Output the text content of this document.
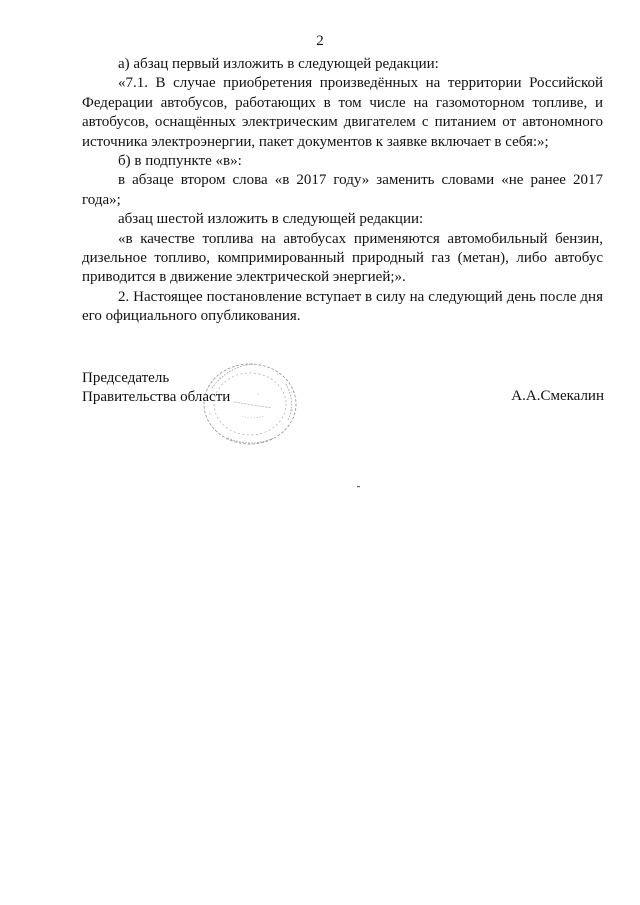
2

а) абзац первый изложить в следующей редакции:

«7.1. В случае приобретения произведённых на территории Российской Федерации автобусов, работающих в том числе на газомоторном топливе, и автобусов, оснащённых электрическим двигателем с питанием от автономного источника электроэнергии, пакет документов к заявке включает в себя:»;

б) в подпункте «в»:

в абзаце втором слова «в 2017 году» заменить словами «не ранее 2017 года»;

абзац шестой изложить в следующей редакции:

«в качестве топлива на автобусах применяются автомобильный бензин, дизельное топливо, компримированный природный газ (метан), либо автобус приводится в движение электрической энергией;».

2. Настоящее постановление вступает в силу на следующий день после дня его официального опубликования.

Председатель
Правительства области	А.А.Смекалин
